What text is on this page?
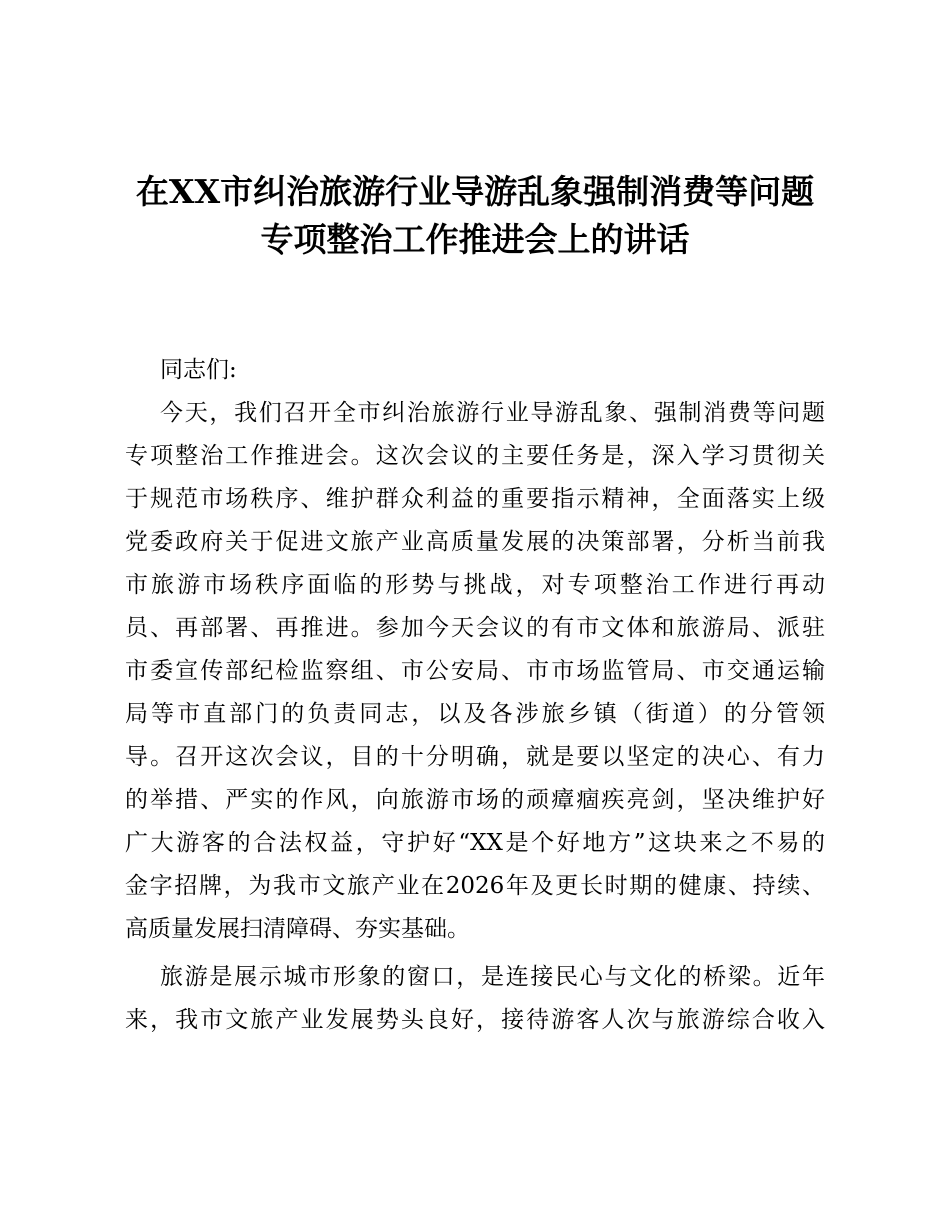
在XX市纠治旅游行业导游乱象强制消费等问题
专项整治工作推进会上的讲话
同志们:
今天，我们召开全市纠治旅游行业导游乱象、强制消费等问题
专项整治工作推进会。这次会议的主要任务是，深入学习贯彻关
于规范市场秩序、维护群众利益的重要指示精神，全面落实上级
党委政府关于促进文旅产业高质量发展的决策部署，分析当前我
市旅游市场秩序面临的形势与挑战，对专项整治工作进行再动
员、再部署、再推进。参加今天会议的有市文体和旅游局、派驻
市委宣传部纪检监察组、市公安局、市市场监管局、市交通运输
局等市直部门的负责同志，以及各涉旅乡镇（街道）的分管领
导。召开这次会议，目的十分明确，就是要以坚定的决心、有力
的举措、严实的作风，向旅游市场的顽瘴痼疾亮剑，坚决维护好
广大游客的合法权益，守护好“XX是个好地方”这块来之不易的
金字招牌，为我市文旅产业在2026年及更长时期的健康、持续、
高质量发展扫清障碍、夯实基础。
旅游是展示城市形象的窗口，是连接民心与文化的桥梁。近年
来，我市文旅产业发展势头良好，接待游客人次与旅游综合收入
